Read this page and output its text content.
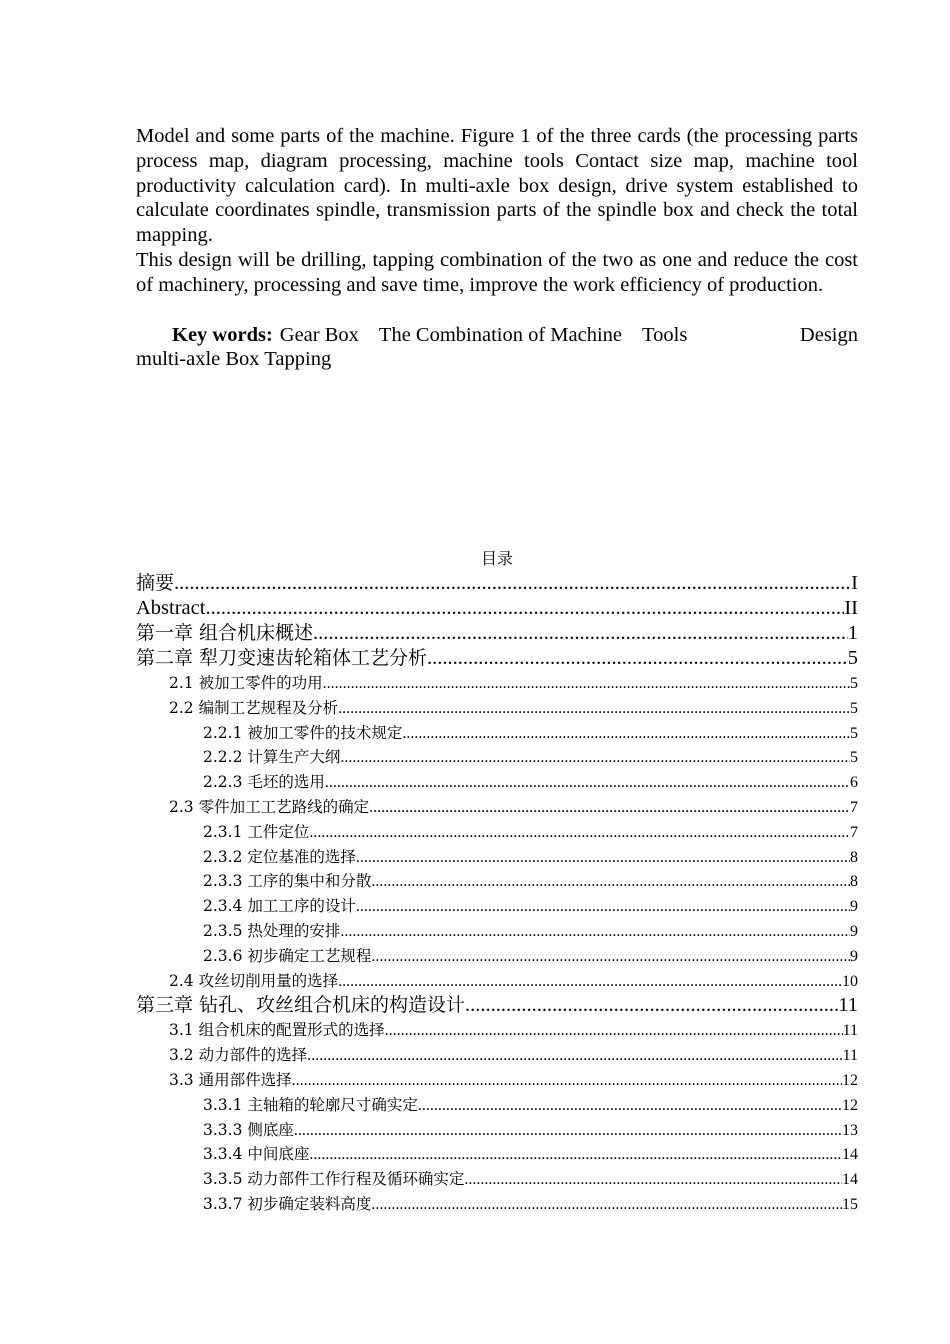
Model and some parts of the machine. Figure 1 of the three cards (the processing parts process map, diagram processing, machine tools Contact size map, machine tool productivity calculation card). In multi-axle box design, drive system established to calculate coordinates spindle, transmission parts of the spindle box and check the total mapping.

This design will be drilling, tapping combination of the two as one and reduce the cost of machinery, processing and save time, improve the work efficiency of production.

Key words: Gear Box The Combination of Machine Tools	Design
multi-axle Box Tapping
目录
摘要 .....	I
Abstract .....	II
第一章 组合机床概述 .....	1
第二章 犁刀变速齿轮箱体工艺分析 .....	5
2.1 被加工零件的功用 .....	5
2.2 编制工艺规程及分析 .....	5
2.2.1 被加工零件的技术规定 .....	5
2.2.2 计算生产大纲 .....	5
2.2.3 毛坯的选用 .....	6
2.3 零件加工工艺路线的确定 .....	7
2.3.1 工件定位 .....	7
2.3.2 定位基准的选择 .....	8
2.3.3 工序的集中和分散 .....	8
2.3.4 加工工序的设计 .....	9
2.3.5 热处理的安排 .....	9
2.3.6 初步确定工艺规程 .....	9
2.4 攻丝切削用量的选择 .....	10
第三章 钻孔、攻丝组合机床的构造设计 .....	11
3.1 组合机床的配置形式的选择 .....	11
3.2 动力部件的选择 .....	11
3.3 通用部件选择 .....	12
3.3.1 主轴箱的轮廓尺寸确实定 .....	12
3.3.3 侧底座 .....	13
3.3.4 中间底座 .....	14
3.3.5 动力部件工作行程及循环确实定 .....	14
3.3.7 初步确定装料高度 .....	15
